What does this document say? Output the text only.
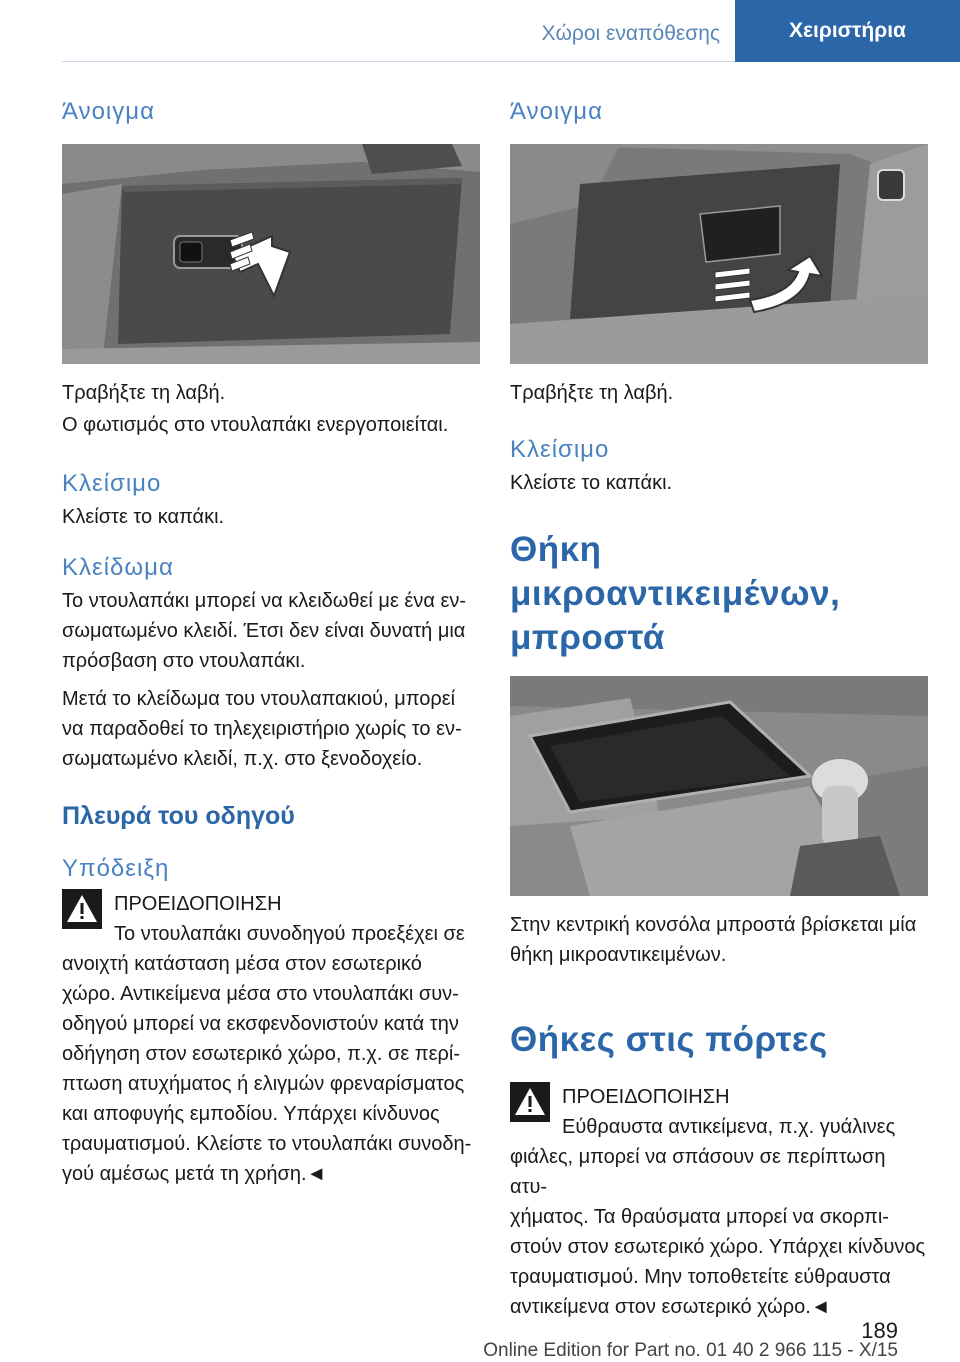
Χώροι εναπόθεσης	Χειριστήρια
Άνοιγμα

Τραβήξτε τη λαβή.

Ο φωτισμός στο ντουλαπάκι ενεργοποιείται.

Κλείσιμο

Κλείστε το καπάκι.

Κλείδωμα

Το ντουλαπάκι μπορεί να κλειδωθεί με ένα εν-

σωματωμένο κλειδί. Έτσι δεν είναι δυνατή μια

πρόσβαση στο ντουλαπάκι.

Μετά το κλείδωμα του ντουλαπακιού, μπορεί

να παραδοθεί το τηλεχειριστήριο χωρίς το εν-

σωματωμένο κλειδί, π.χ. στο ξενοδοχείο.

Πλευρά του οδηγού
Υπόδειξη
ΠΡΟΕΙΔΟΠΟΙΗΣΗ
Το ντουλαπάκι συνοδηγού προεξέχει σε

ανοιχτή κατάσταση μέσα στον εσωτερικό

χώρο. Αντικείμενα μέσα στο ντουλαπάκι συν-

οδηγού μπορεί να εκσφενδονιστούν κατά την

οδήγηση στον εσωτερικό χώρο, π.χ. σε περί-

πτωση ατυχήματος ή ελιγμών φρεναρίσματος

και αποφυγής εμποδίου. Υπάρχει κίνδυνος

τραυματισμού. Κλείστε το ντουλαπάκι συνοδη-

γού αμέσως μετά τη χρήση.◄

Άνοιγμα

Τραβήξτε τη λαβή.

Κλείσιμο

Κλείστε το καπάκι.

Θήκη μικροαντικειμένων,
μπροστά

Στην κεντρική κονσόλα μπροστά βρίσκεται μία

θήκη μικροαντικειμένων.

Θήκες στις πόρτες
ΠΡΟΕΙΔΟΠΟΙΗΣΗ
Εύθραυστα αντικείμενα, π.χ. γυάλινες

φιάλες, μπορεί να σπάσουν σε περίπτωση ατυ-

χήματος. Τα θραύσματα μπορεί να σκορπι-

στούν στον εσωτερικό χώρο. Υπάρχει κίνδυνος

τραυματισμού. Μην τοποθετείτε εύθραυστα

αντικείμενα στον εσωτερικό χώρο.◄

189
Online Edition for Part no. 01 40 2 966 115 - X/15
